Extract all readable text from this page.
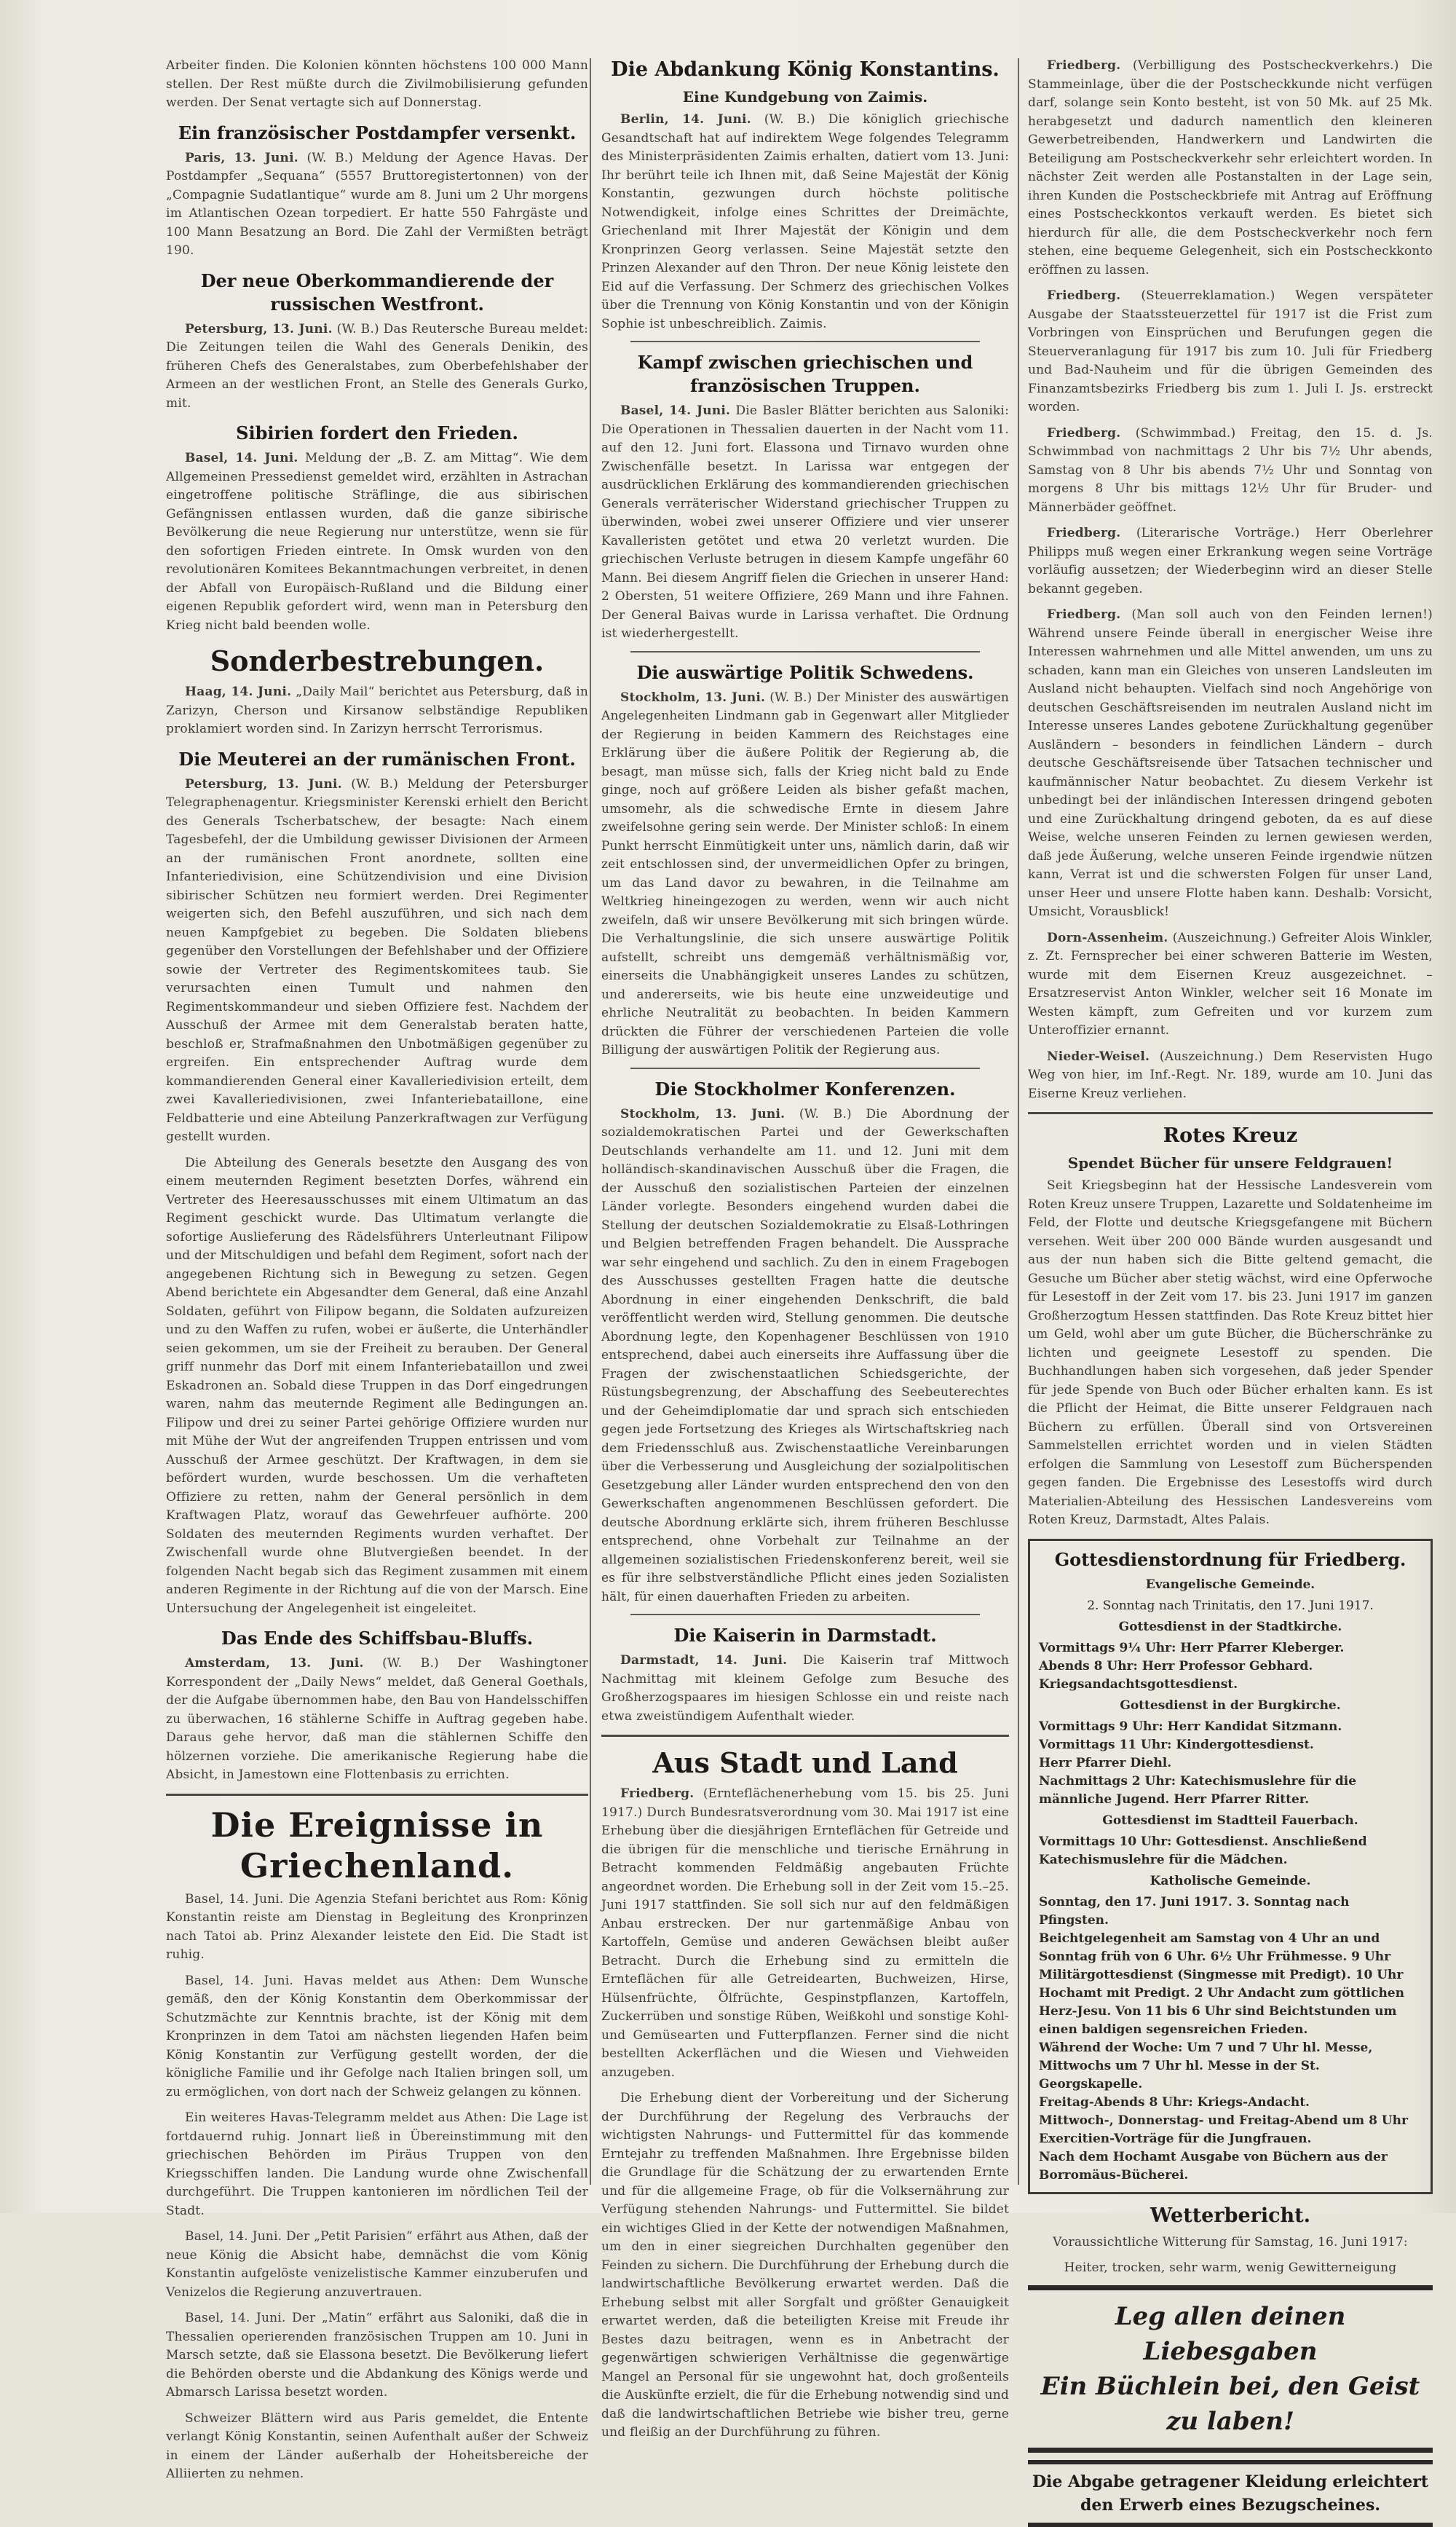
Arbeiter finden. Die Kolonien könnten höchstens 100 000 Mann stellen. Der Rest müßte durch die Zivilmobilisierung gefunden werden. Der Senat vertagte sich auf Donnerstag.

Ein französischer Postdampfer versenkt.

Paris, 13. Juni. (W. B.) Meldung der Agence Havas. Der Postdampfer „Sequana“ (5557 Bruttoregistertonnen) von der „Compagnie Sudatlantique“ wurde am 8. Juni um 2 Uhr morgens im Atlantischen Ozean torpediert. Er hatte 550 Fahrgäste und 100 Mann Besatzung an Bord. Die Zahl der Vermißten beträgt 190.

Der neue Oberkommandierende der russischen Westfront.

Petersburg, 13. Juni. (W. B.) Das Reutersche Bureau meldet: Die Zeitungen teilen die Wahl des Generals Denikin, des früheren Chefs des Generalstabes, zum Oberbefehlshaber der Armeen an der westlichen Front, an Stelle des Generals Gurko, mit.

Sibirien fordert den Frieden.

Basel, 14. Juni. Meldung der „B. Z. am Mittag“. Wie dem Allgemeinen Pressedienst gemeldet wird, erzählten in Astrachan eingetroffene politische Sträflinge, die aus sibirischen Gefängnissen entlassen wurden, daß die ganze sibirische Bevölkerung die neue Regierung nur unterstütze, wenn sie für den sofortigen Frieden eintrete. In Omsk wurden von den revolutionären Komitees Bekanntmachungen verbreitet, in denen der Abfall von Europäisch-Rußland und die Bildung einer eigenen Republik gefordert wird, wenn man in Petersburg den Krieg nicht bald beenden wolle.

Sonderbestrebungen.

Haag, 14. Juni. „Daily Mail“ berichtet aus Petersburg, daß in Zarizyn, Cherson und Kirsanow selbständige Republiken proklamiert worden sind. In Zarizyn herrscht Terrorismus.

Die Meuterei an der rumänischen Front.

Petersburg, 13. Juni. (W. B.) Meldung der Petersburger Telegraphenagentur. Kriegsminister Kerenski erhielt den Bericht des Generals Tscherbatschew, der besagte: Nach einem Tagesbefehl, der die Umbildung gewisser Divisionen der Armeen an der rumänischen Front anordnete, sollten eine Infanteriedivision, eine Schützendivision und eine Division sibirischer Schützen neu formiert werden. Drei Regimenter weigerten sich, den Befehl auszuführen, und sich nach dem neuen Kampfgebiet zu begeben. Die Soldaten bliebens gegenüber den Vorstellungen der Befehlshaber und der Offiziere sowie der Vertreter des Regimentskomitees taub. Sie verursachten einen Tumult und nahmen den Regimentskommandeur und sieben Offiziere fest. Nachdem der Ausschuß der Armee mit dem Generalstab beraten hatte, beschloß er, Strafmaßnahmen den Unbotmäßigen gegenüber zu ergreifen. Ein entsprechender Auftrag wurde dem kommandierenden General einer Kavalleriedivision erteilt, dem zwei Kavalleriedivisionen, zwei Infanteriebataillone, eine Feldbatterie und eine Abteilung Panzerkraftwagen zur Verfügung gestellt wurden.

Die Abteilung des Generals besetzte den Ausgang des von einem meuternden Regiment besetzten Dorfes, während ein Vertreter des Heeresausschusses mit einem Ultimatum an das Regiment geschickt wurde. Das Ultimatum verlangte die sofortige Auslieferung des Rädelsführers Unterleutnant Filipow und der Mitschuldigen und befahl dem Regiment, sofort nach der angegebenen Richtung sich in Bewegung zu setzen. Gegen Abend berichtete ein Abgesandter dem General, daß eine Anzahl Soldaten, geführt von Filipow begann, die Soldaten aufzureizen und zu den Waffen zu rufen, wobei er äußerte, die Unterhändler seien gekommen, um sie der Freiheit zu berauben. Der General griff nunmehr das Dorf mit einem Infanteriebataillon und zwei Eskadronen an. Sobald diese Truppen in das Dorf eingedrungen waren, nahm das meuternde Regiment alle Bedingungen an. Filipow und drei zu seiner Partei gehörige Offiziere wurden nur mit Mühe der Wut der angreifenden Truppen entrissen und vom Ausschuß der Armee geschützt. Der Kraftwagen, in dem sie befördert wurden, wurde beschossen. Um die verhafteten Offiziere zu retten, nahm der General persönlich in dem Kraftwagen Platz, worauf das Gewehrfeuer aufhörte. 200 Soldaten des meuternden Regiments wurden verhaftet. Der Zwischenfall wurde ohne Blutvergießen beendet. In der folgenden Nacht begab sich das Regiment zusammen mit einem anderen Regimente in der Richtung auf die von der Marsch. Eine Untersuchung der Angelegenheit ist eingeleitet.

Das Ende des Schiffsbau-Bluffs.

Amsterdam, 13. Juni. (W. B.) Der Washingtoner Korrespondent der „Daily News“ meldet, daß General Goethals, der die Aufgabe übernommen habe, den Bau von Handelsschiffen zu überwachen, 16 stählerne Schiffe in Auftrag gegeben habe. Daraus gehe hervor, daß man die stählernen Schiffe den hölzernen vorziehe. Die amerikanische Regierung habe die Absicht, in Jamestown eine Flottenbasis zu errichten.

Die Ereignisse in Griechenland.

Basel, 14. Juni. Die Agenzia Stefani berichtet aus Rom: König Konstantin reiste am Dienstag in Begleitung des Kronprinzen nach Tatoi ab. Prinz Alexander leistete den Eid. Die Stadt ist ruhig.

Basel, 14. Juni. Havas meldet aus Athen: Dem Wunsche gemäß, den der König Konstantin dem Oberkommissar der Schutzmächte zur Kenntnis brachte, ist der König mit dem Kronprinzen in dem Tatoi am nächsten liegenden Hafen beim König Konstantin zur Verfügung gestellt worden, der die königliche Familie und ihr Gefolge nach Italien bringen soll, um zu ermöglichen, von dort nach der Schweiz gelangen zu können.

Ein weiteres Havas-Telegramm meldet aus Athen: Die Lage ist fortdauernd ruhig. Jonnart ließ in Übereinstimmung mit den griechischen Behörden im Piräus Truppen von den Kriegsschiffen landen. Die Landung wurde ohne Zwischenfall durchgeführt. Die Truppen kantonieren im nördlichen Teil der Stadt.

Basel, 14. Juni. Der „Petit Parisien“ erfährt aus Athen, daß der neue König die Absicht habe, demnächst die vom König Konstantin aufgelöste venizelistische Kammer einzuberufen und Venizelos die Regierung anzuvertrauen.

Basel, 14. Juni. Der „Matin“ erfährt aus Saloniki, daß die in Thessalien operierenden französischen Truppen am 10. Juni in Marsch setzte, daß sie Elassona besetzt. Die Bevölkerung liefert die Behörden oberste und die Abdankung des Königs werde und Abmarsch Larissa besetzt worden.

Schweizer Blättern wird aus Paris gemeldet, die Entente verlangt König Konstantin, seinen Aufenthalt außer der Schweiz in einem der Länder außerhalb der Hoheitsbereiche der Alliierten zu nehmen.

Die Abdankung König Konstantins.
Eine Kundgebung von Zaimis.

Berlin, 14. Juni. (W. B.) Die königlich griechische Gesandtschaft hat auf indirektem Wege folgendes Telegramm des Ministerpräsidenten Zaimis erhalten, datiert vom 13. Juni: Ihr berührt teile ich Ihnen mit, daß Seine Majestät der König Konstantin, gezwungen durch höchste politische Notwendigkeit, infolge eines Schrittes der Dreimächte, Griechenland mit Ihrer Majestät der Königin und dem Kronprinzen Georg verlassen. Seine Majestät setzte den Prinzen Alexander auf den Thron. Der neue König leistete den Eid auf die Verfassung. Der Schmerz des griechischen Volkes über die Trennung von König Konstantin und von der Königin Sophie ist unbeschreiblich. Zaimis.

Kampf zwischen griechischen und französischen Truppen.

Basel, 14. Juni. Die Basler Blätter berichten aus Saloniki: Die Operationen in Thessalien dauerten in der Nacht vom 11. auf den 12. Juni fort. Elassona und Tirnavo wurden ohne Zwischenfälle besetzt. In Larissa war entgegen der ausdrücklichen Erklärung des kommandierenden griechischen Generals verräterischer Widerstand griechischer Truppen zu überwinden, wobei zwei unserer Offiziere und vier unserer Kavalleristen getötet und etwa 20 verletzt wurden. Die griechischen Verluste betrugen in diesem Kampfe ungefähr 60 Mann. Bei diesem Angriff fielen die Griechen in unserer Hand: 2 Obersten, 51 weitere Offiziere, 269 Mann und ihre Fahnen. Der General Baivas wurde in Larissa verhaftet. Die Ordnung ist wiederhergestellt.

Die auswärtige Politik Schwedens.

Stockholm, 13. Juni. (W. B.) Der Minister des auswärtigen Angelegenheiten Lindmann gab in Gegenwart aller Mitglieder der Regierung in beiden Kammern des Reichstages eine Erklärung über die äußere Politik der Regierung ab, die besagt, man müsse sich, falls der Krieg nicht bald zu Ende ginge, noch auf größere Leiden als bisher gefaßt machen, umsomehr, als die schwedische Ernte in diesem Jahre zweifelsohne gering sein werde. Der Minister schloß: In einem Punkt herrscht Einmütigkeit unter uns, nämlich darin, daß wir zeit entschlossen sind, der unvermeidlichen Opfer zu bringen, um das Land davor zu bewahren, in die Teilnahme am Weltkrieg hineingezogen zu werden, wenn wir auch nicht zweifeln, daß wir unsere Bevölkerung mit sich bringen würde. Die Verhaltungslinie, die sich unsere auswärtige Politik aufstellt, schreibt uns demgemäß verhältnismäßig vor, einerseits die Unabhängigkeit unseres Landes zu schützen, und andererseits, wie bis heute eine unzweideutige und ehrliche Neutralität zu beobachten. In beiden Kammern drückten die Führer der verschiedenen Parteien die volle Billigung der auswärtigen Politik der Regierung aus.

Die Stockholmer Konferenzen.

Stockholm, 13. Juni. (W. B.) Die Abordnung der sozialdemokratischen Partei und der Gewerkschaften Deutschlands verhandelte am 11. und 12. Juni mit dem holländisch-skandinavischen Ausschuß über die Fragen, die der Ausschuß den sozialistischen Parteien der einzelnen Länder vorlegte. Besonders eingehend wurden dabei die Stellung der deutschen Sozialdemokratie zu Elsaß-Lothringen und Belgien betreffenden Fragen behandelt. Die Aussprache war sehr eingehend und sachlich. Zu den in einem Fragebogen des Ausschusses gestellten Fragen hatte die deutsche Abordnung in einer eingehenden Denkschrift, die bald veröffentlicht werden wird, Stellung genommen. Die deutsche Abordnung legte, den Kopenhagener Beschlüssen von 1910 entsprechend, dabei auch einerseits ihre Auffassung über die Fragen der zwischenstaatlichen Schiedsgerichte, der Rüstungsbegrenzung, der Abschaffung des Seebeuterechtes und der Geheimdiplomatie dar und sprach sich entschieden gegen jede Fortsetzung des Krieges als Wirtschaftskrieg nach dem Friedensschluß aus. Zwischenstaatliche Vereinbarungen über die Verbesserung und Ausgleichung der sozialpolitischen Gesetzgebung aller Länder wurden entsprechend den von den Gewerkschaften angenommenen Beschlüssen gefordert. Die deutsche Abordnung erklärte sich, ihrem früheren Beschlusse entsprechend, ohne Vorbehalt zur Teilnahme an der allgemeinen sozialistischen Friedenskonferenz bereit, weil sie es für ihre selbstverständliche Pflicht eines jeden Sozialisten hält, für einen dauerhaften Frieden zu arbeiten.

Die Kaiserin in Darmstadt.

Darmstadt, 14. Juni. Die Kaiserin traf Mittwoch Nachmittag mit kleinem Gefolge zum Besuche des Großherzogspaares im hiesigen Schlosse ein und reiste nach etwa zweistündigem Aufenthalt wieder.

Aus Stadt und Land

Friedberg. (Ernteflächenerhebung vom 15. bis 25. Juni 1917.) Durch Bundesratsverordnung vom 30. Mai 1917 ist eine Erhebung über die diesjährigen Ernteflächen für Getreide und die übrigen für die menschliche und tierische Ernährung in Betracht kommenden Feldmäßig angebauten Früchte angeordnet worden. Die Erhebung soll in der Zeit vom 15.–25. Juni 1917 stattfinden. Sie soll sich nur auf den feldmäßigen Anbau erstrecken. Der nur gartenmäßige Anbau von Kartoffeln, Gemüse und anderen Gewächsen bleibt außer Betracht. Durch die Erhebung sind zu ermitteln die Ernteflächen für alle Getreidearten, Buchweizen, Hirse, Hülsenfrüchte, Ölfrüchte, Gespinstpflanzen, Kartoffeln, Zuckerrüben und sonstige Rüben, Weißkohl und sonstige Kohl- und Gemüsearten und Futterpflanzen. Ferner sind die nicht bestellten Ackerflächen und die Wiesen und Viehweiden anzugeben.

Die Erhebung dient der Vorbereitung und der Sicherung der Durchführung der Regelung des Verbrauchs der wichtigsten Nahrungs- und Futtermittel für das kommende Erntejahr zu treffenden Maßnahmen. Ihre Ergebnisse bilden die Grundlage für die Schätzung der zu erwartenden Ernte und für die allgemeine Frage, ob für die Volksernährung zur Verfügung stehenden Nahrungs- und Futtermittel. Sie bildet ein wichtiges Glied in der Kette der notwendigen Maßnahmen, um den in einer siegreichen Durchhalten gegenüber den Feinden zu sichern. Die Durchführung der Erhebung durch die landwirtschaftliche Bevölkerung erwartet werden. Daß die Erhebung selbst mit aller Sorgfalt und größter Genauigkeit erwartet werden, daß die beteiligten Kreise mit Freude ihr Bestes dazu beitragen, wenn es in Anbetracht der gegenwärtigen schwierigen Verhältnisse die gegenwärtige Mangel an Personal für sie ungewohnt hat, doch großenteils die Auskünfte erzielt, die für die Erhebung notwendig sind und daß die landwirtschaftlichen Betriebe wie bisher treu, gerne und fleißig an der Durchführung zu führen.

Friedberg. (Verbilligung des Postscheckverkehrs.) Die Stammeinlage, über die der Postscheckkunde nicht verfügen darf, solange sein Konto besteht, ist von 50 Mk. auf 25 Mk. herabgesetzt und dadurch namentlich den kleineren Gewerbetreibenden, Handwerkern und Landwirten die Beteiligung am Postscheckverkehr sehr erleichtert worden. In nächster Zeit werden alle Postanstalten in der Lage sein, ihren Kunden die Postscheckbriefe mit Antrag auf Eröffnung eines Postscheckkontos verkauft werden. Es bietet sich hierdurch für alle, die dem Postscheckverkehr noch fern stehen, eine bequeme Gelegenheit, sich ein Postscheckkonto eröffnen zu lassen.

Friedberg. (Steuerreklamation.) Wegen verspäteter Ausgabe der Staatssteuerzettel für 1917 ist die Frist zum Vorbringen von Einsprüchen und Berufungen gegen die Steuerveranlagung für 1917 bis zum 10. Juli für Friedberg und Bad-Nauheim und für die übrigen Gemeinden des Finanzamtsbezirks Friedberg bis zum 1. Juli I. Js. erstreckt worden.

Friedberg. (Schwimmbad.) Freitag, den 15. d. Js. Schwimmbad von nachmittags 2 Uhr bis 7½ Uhr abends, Samstag von 8 Uhr bis abends 7½ Uhr und Sonntag von morgens 8 Uhr bis mittags 12½ Uhr für Bruder- und Männerbäder geöffnet.

Friedberg. (Literarische Vorträge.) Herr Oberlehrer Philipps muß wegen einer Erkrankung wegen seine Vorträge vorläufig aussetzen; der Wiederbeginn wird an dieser Stelle bekannt gegeben.

Friedberg. (Man soll auch von den Feinden lernen!) Während unsere Feinde überall in energischer Weise ihre Interessen wahrnehmen und alle Mittel anwenden, um uns zu schaden, kann man ein Gleiches von unseren Landsleuten im Ausland nicht behaupten. Vielfach sind noch Angehörige von deutschen Geschäftsreisenden im neutralen Ausland nicht im Interesse unseres Landes gebotene Zurückhaltung gegenüber Ausländern – besonders in feindlichen Ländern – durch deutsche Geschäftsreisende über Tatsachen technischer und kaufmännischer Natur beobachtet. Zu diesem Verkehr ist unbedingt bei der inländischen Interessen dringend geboten und eine Zurückhaltung dringend geboten, da es auf diese Weise, welche unseren Feinden zu lernen gewiesen werden, daß jede Äußerung, welche unseren Feinde irgendwie nützen kann, Verrat ist und die schwersten Folgen für unser Land, unser Heer und unsere Flotte haben kann. Deshalb: Vorsicht, Umsicht, Vorausblick!

Dorn-Assenheim. (Auszeichnung.) Gefreiter Alois Winkler, z. Zt. Fernsprecher bei einer schweren Batterie im Westen, wurde mit dem Eisernen Kreuz ausgezeichnet. – Ersatzreservist Anton Winkler, welcher seit 16 Monate im Westen kämpft, zum Gefreiten und vor kurzem zum Unteroffizier ernannt.

Nieder-Weisel. (Auszeichnung.) Dem Reservisten Hugo Weg von hier, im Inf.-Regt. Nr. 189, wurde am 10. Juni das Eiserne Kreuz verliehen.

Rotes Kreuz
Spendet Bücher für unsere Feldgrauen!

Seit Kriegsbeginn hat der Hessische Landesverein vom Roten Kreuz unsere Truppen, Lazarette und Soldatenheime im Feld, der Flotte und deutsche Kriegsgefangene mit Büchern versehen. Weit über 200 000 Bände wurden ausgesandt und aus der nun haben sich die Bitte geltend gemacht, die Gesuche um Bücher aber stetig wächst, wird eine Opferwoche für Lesestoff in der Zeit vom 17. bis 23. Juni 1917 im ganzen Großherzogtum Hessen stattfinden. Das Rote Kreuz bittet hier um Geld, wohl aber um gute Bücher, die Bücherschränke zu lichten und geeignete Lesestoff zu spenden. Die Buchhandlungen haben sich vorgesehen, daß jeder Spender für jede Spende von Buch oder Bücher erhalten kann. Es ist die Pflicht der Heimat, die Bitte unserer Feldgrauen nach Büchern zu erfüllen. Überall sind von Ortsvereinen Sammelstellen errichtet worden und in vielen Städten erfolgen die Sammlung von Lesestoff zum Bücherspenden gegen fanden. Die Ergebnisse des Lesestoffs wird durch Materialien-Abteilung des Hessischen Landesvereins vom Roten Kreuz, Darmstadt, Altes Palais.

Gottesdienstordnung für Friedberg.
Evangelische Gemeinde.

2. Sonntag nach Trinitatis, den 17. Juni 1917.

Gottesdienst in der Stadtkirche.

Vormittags 9¼ Uhr: Herr Pfarrer Kleberger.

Abends 8 Uhr: Herr Professor Gebhard.

Kriegsandachtsgottesdienst.

Gottesdienst in der Burgkirche.

Vormittags 9 Uhr: Herr Kandidat Sitzmann.

Vormittags 11 Uhr: Kindergottesdienst.

Herr Pfarrer Diehl.

Nachmittags 2 Uhr: Katechismuslehre für die männliche Jugend. Herr Pfarrer Ritter.

Gottesdienst im Stadtteil Fauerbach.

Vormittags 10 Uhr: Gottesdienst. Anschließend Katechismuslehre für die Mädchen.

Katholische Gemeinde.

Sonntag, den 17. Juni 1917. 3. Sonntag nach Pfingsten.

Beichtgelegenheit am Samstag von 4 Uhr an und Sonntag früh von 6 Uhr. 6½ Uhr Frühmesse. 9 Uhr Militärgottesdienst (Singmesse mit Predigt). 10 Uhr Hochamt mit Predigt. 2 Uhr Andacht zum göttlichen Herz-Jesu. Von 11 bis 6 Uhr sind Beichtstunden um einen baldigen segensreichen Frieden.

Während der Woche: Um 7 und 7 Uhr hl. Messe, Mittwochs um 7 Uhr hl. Messe in der St. Georgskapelle.

Freitag-Abends 8 Uhr: Kriegs-Andacht.

Mittwoch-, Donnerstag- und Freitag-Abend um 8 Uhr Exercitien-Vorträge für die Jungfrauen.

Nach dem Hochamt Ausgabe von Büchern aus der Borromäus-Bücherei.

Wetterbericht.

Voraussichtliche Witterung für Samstag, 16. Juni 1917:

Heiter, trocken, sehr warm, wenig Gewitterneigung

Leg allen deinen Liebesgaben
Ein Büchlein bei, den Geist zu laben!
Die Abgabe getragener Kleidung erleichtert
den Erwerb eines Bezugscheines.
